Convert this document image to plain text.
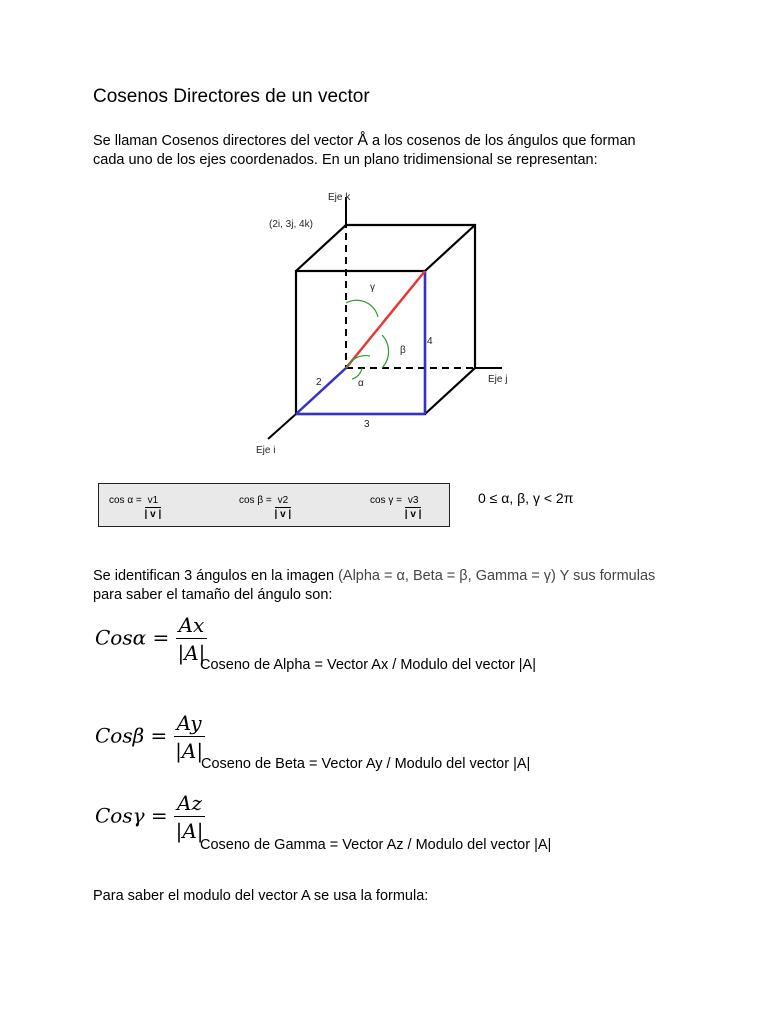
Cosenos Directores de un vector
Se llaman Cosenos directores del vector Å a los cosenos de los ángulos que forman
cada uno de los ejes coordenados. En un plano tridimensional se representan:
Eje k
Eje j
Eje i
(2i, 3j, 4k)
γ
β
α
2
3
4
$\cos \alpha = \frac{v1}{| v |}$	$\cos \beta = \frac{v2}{| v |}$	$\cos \gamma = \frac{v3}{| v |}$	0 ≤ α, β, γ < 2π
Se identifican 3 ángulos en la imagen (Alpha = α, Beta = β, Gamma = γ) Y sus formulas
para saber el tamaño del ángulo son:
$Cos\alpha = \frac{Ax}{|A|}$
Coseno de Alpha = Vector Ax / Modulo del vector |A|
$Cos\beta = \frac{Ay}{|A|}$
Coseno de Beta = Vector Ay / Modulo del vector |A|
$Cos\gamma = \frac{Az}{|A|}$
Coseno de Gamma = Vector Az / Modulo del vector |A|
Para saber el modulo del vector A se usa la formula:
